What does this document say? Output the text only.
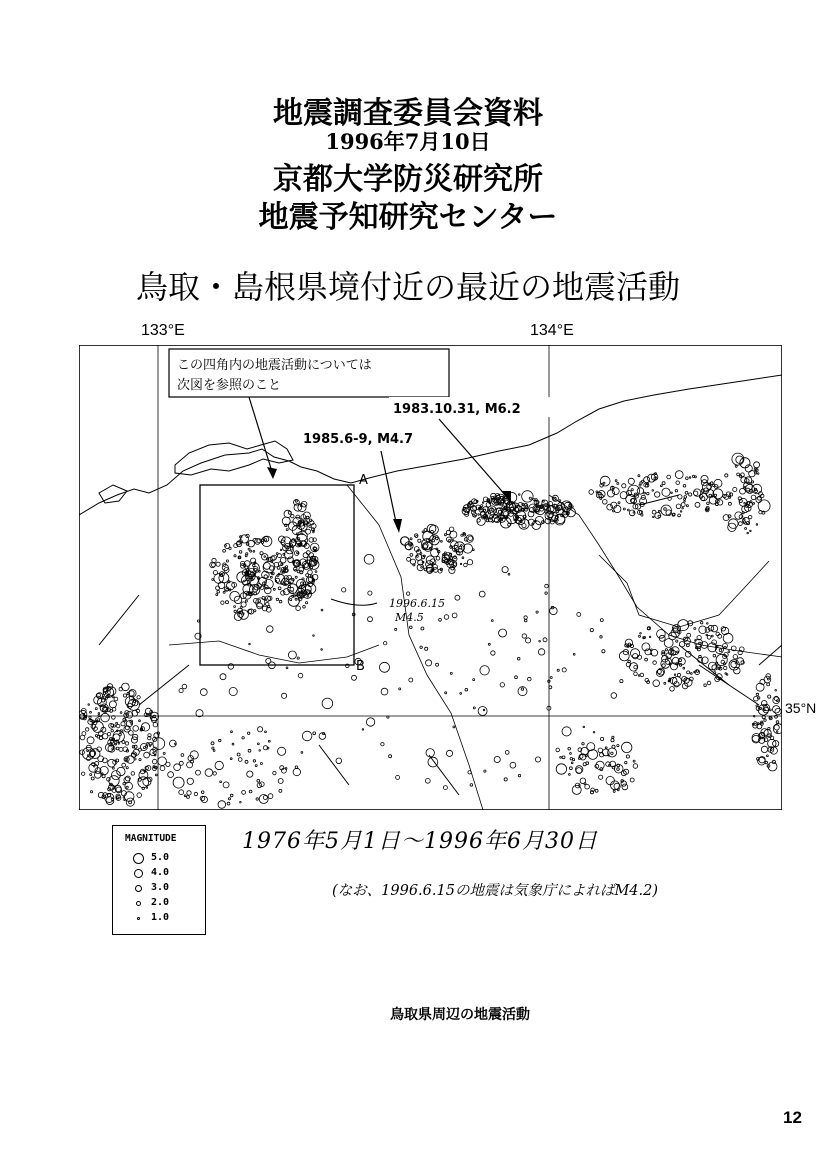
地震調査委員会資料
1996年7月10日
京都大学防災研究所
地震予知研究センター
鳥取・島根県境付近の最近の地震活動
133°E	134°E
この四角内の地震活動については
次図を参照のこと
1983.10.31, M6.2
1985.6-9, M4.7
1996.6.15
M4.5
A
B
35°N
MAGNITUDE
5.0
4.0
3.0
2.0
1.0
1976年5月1日～1996年6月30日
(なお、1996.6.15の地震は気象庁によればM4.2)
鳥取県周辺の地震活動
12
